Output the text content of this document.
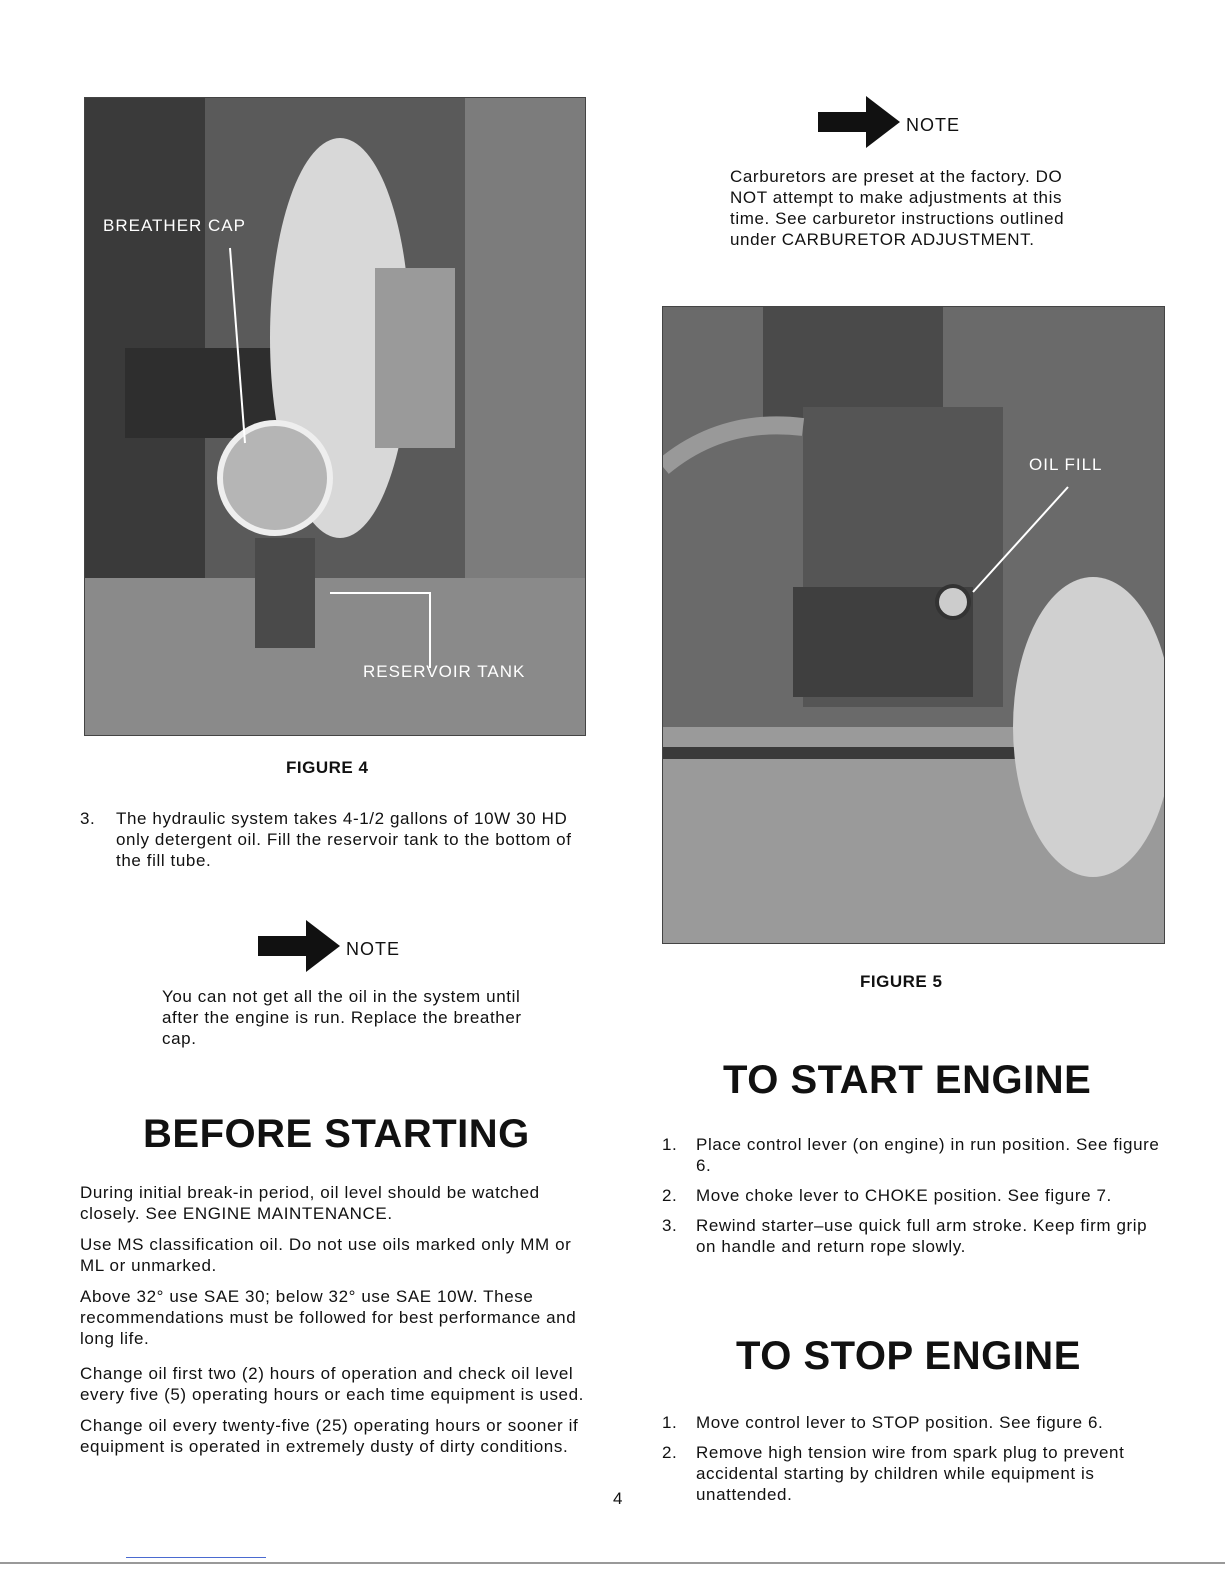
BREATHER CAP
RESERVOIR TANK
FIGURE 4
3.	The hydraulic system takes 4-1/2 gallons of 10W 30 HD only detergent oil. Fill the reservoir tank to the bottom of the fill tube.
NOTE
You can not get all the oil in the system until after the engine is run. Replace the breather cap.
BEFORE STARTING

During initial break-in period, oil level should be watched closely. See ENGINE MAINTENANCE.

Use MS classification oil. Do not use oils marked only MM or ML or unmarked.

Above 32° use SAE 30; below 32° use SAE 10W. These recommendations must be followed for best performance and long life.

Change oil first two (2) hours of operation and check oil level every five (5) operating hours or each time equipment is used.

Change oil every twenty-five (25) operating hours or sooner if equipment is operated in extremely dusty of dirty conditions.

4
NOTE
Carburetors are preset at the factory. DO NOT attempt to make adjustments at this time. See carburetor instructions outlined under CARBURETOR ADJUSTMENT.
OIL FILL
FIGURE 5
TO START ENGINE
1.	Place control lever (on engine) in run position. See figure 6.
2.	Move choke lever to CHOKE position. See figure 7.
3.	Rewind starter–use quick full arm stroke. Keep firm grip on handle and return rope slowly.
TO STOP ENGINE
1.	Move control lever to STOP position. See figure 6.
2.	Remove high tension wire from spark plug to prevent accidental starting by children while equipment is unattended.
